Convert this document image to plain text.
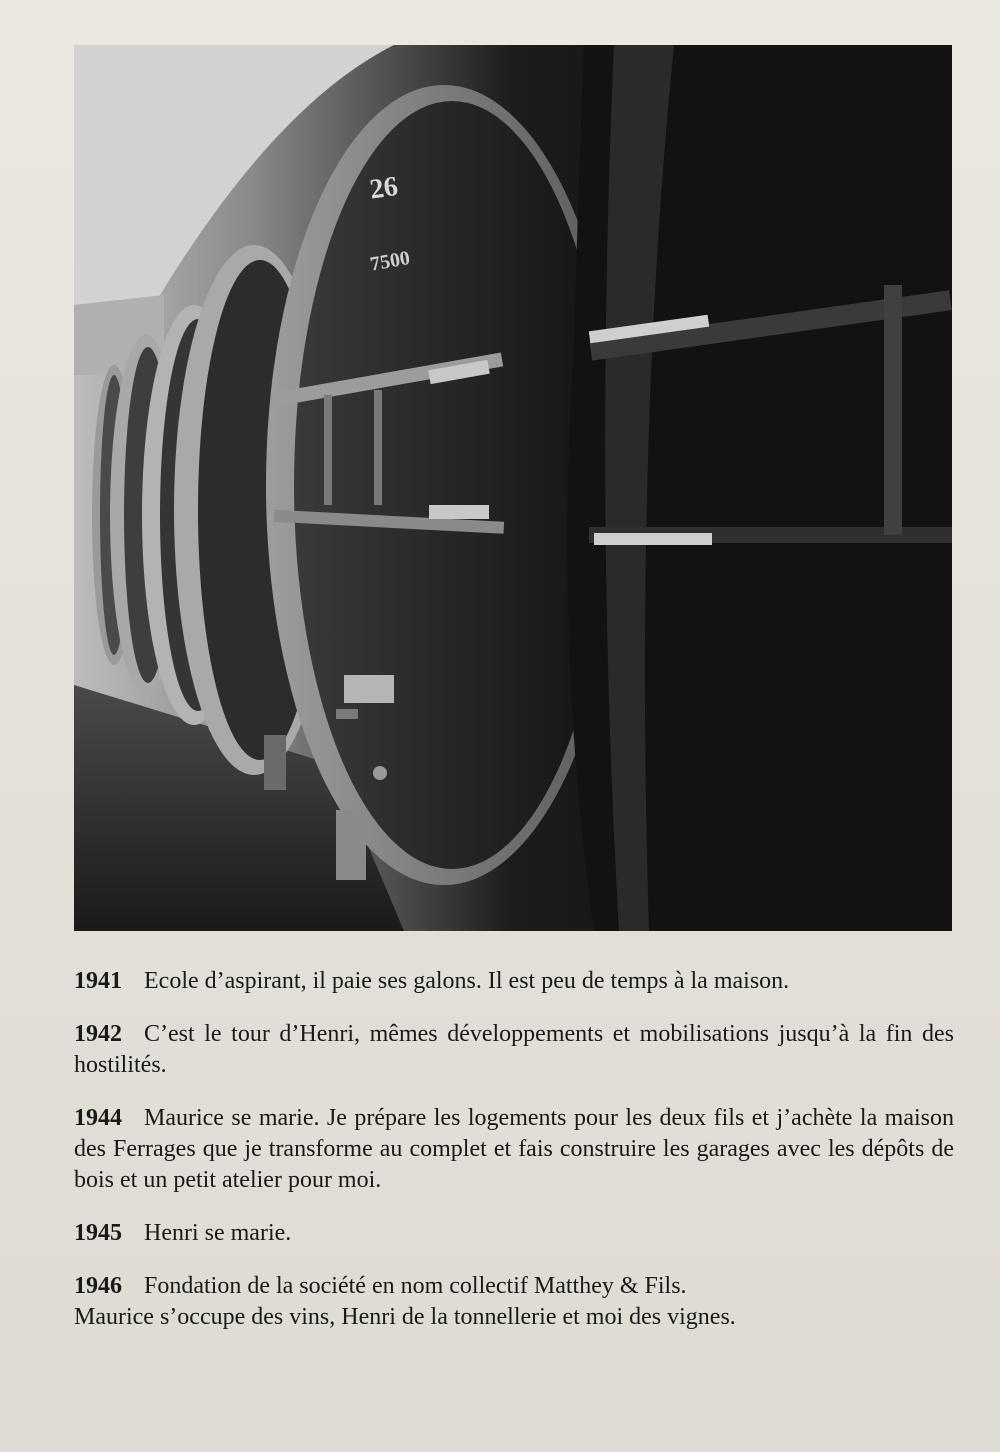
26
7500

1941 Ecole d’aspirant, il paie ses galons. Il est peu de temps à la maison.

1942 C’est le tour d’Henri, mêmes développements et mobilisations jusqu’à la fin des hostilités.

1944 Maurice se marie. Je prépare les logements pour les deux fils et j’achète la maison des Ferrages que je transforme au complet et fais construire les garages avec les dépôts de bois et un petit atelier pour moi.

1945 Henri se marie.

1946 Fondation de la société en nom collectif Matthey & Fils.
Maurice s’occupe des vins, Henri de la tonnellerie et moi des vignes.
